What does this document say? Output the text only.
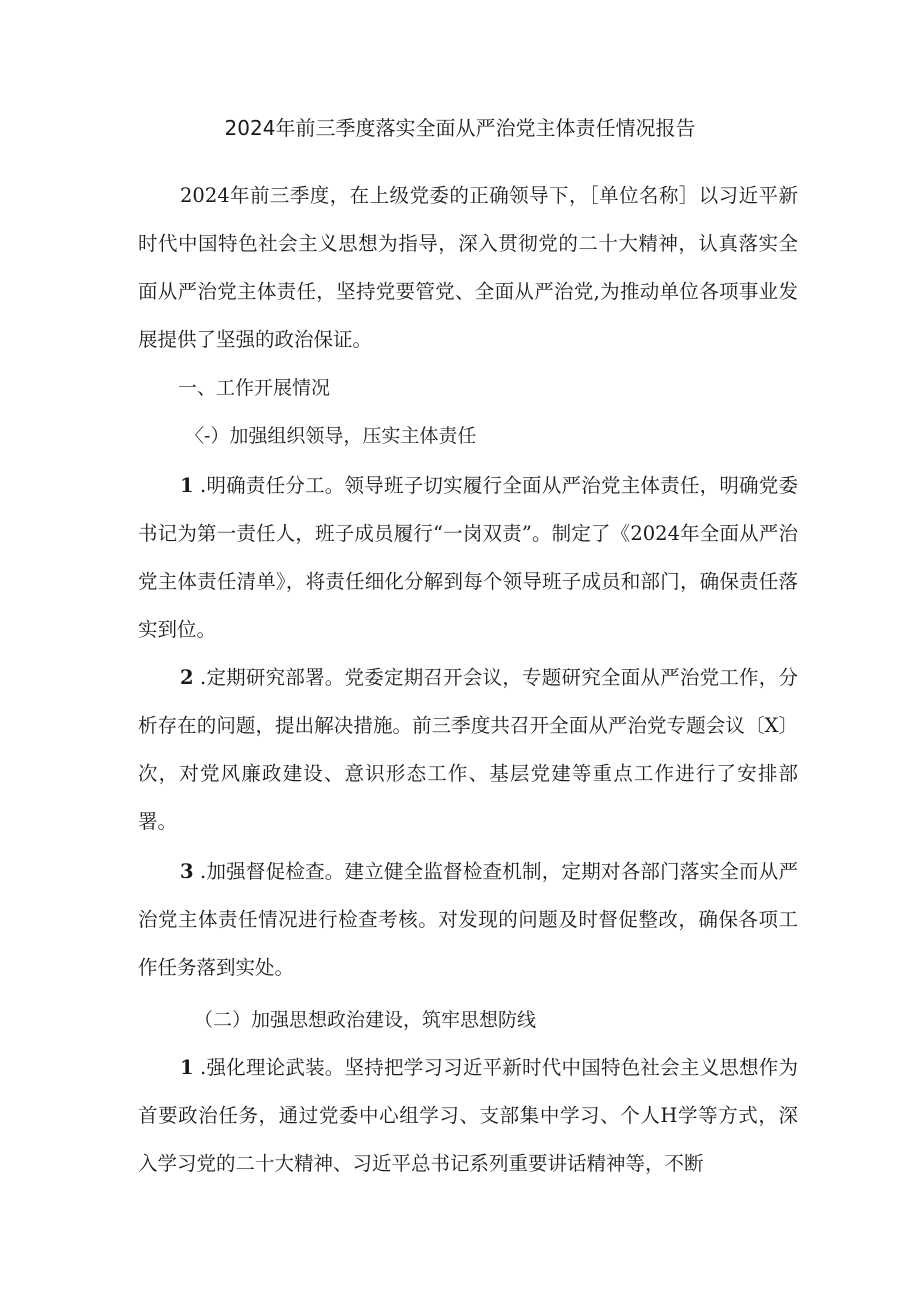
2024年前三季度落实全面从严治党主体责任情况报告

2024年前三季度，在上级党委的正确领导下，［单位名称］以习近平新时代中国特色社会主义思想为指导，深入贯彻党的二十大精神，认真落实全面从严治党主体责任，坚持党要管党、全面从严治党,为推动单位各项事业发展提供了坚强的政治保证。

一、工作开展情况

〈-）加强组织领导，压实主体责任

1 .明确责任分工。领导班子切实履行全面从严治党主体责任，明确党委书记为第一责任人，班子成员履行“一岗双责”。制定了《2024年全面从严治党主体责任清单》，将责任细化分解到每个领导班子成员和部门，确保责任落实到位。

2 .定期研究部署。党委定期召开会议，专题研究全面从严治党工作，分析存在的问题，提出解决措施。前三季度共召开全面从严治党专题会议〔X〕次，对党风廉政建设、意识形态工作、基层党建等重点工作进行了安排部署。

3 .加强督促检查。建立健全监督检查机制，定期对各部门落实全而从严治党主体责任情况进行检查考核。对发现的问题及时督促整改，确保各项工作任务落到实处。

（二）加强思想政治建设，筑牢思想防线

1 .强化理论武装。坚持把学习习近平新时代中国特色社会主义思想作为首要政治任务，通过党委中心组学习、支部集中学习、个人H学等方式，深入学习党的二十大精神、习近平总书记系列重要讲话精神等，不断
